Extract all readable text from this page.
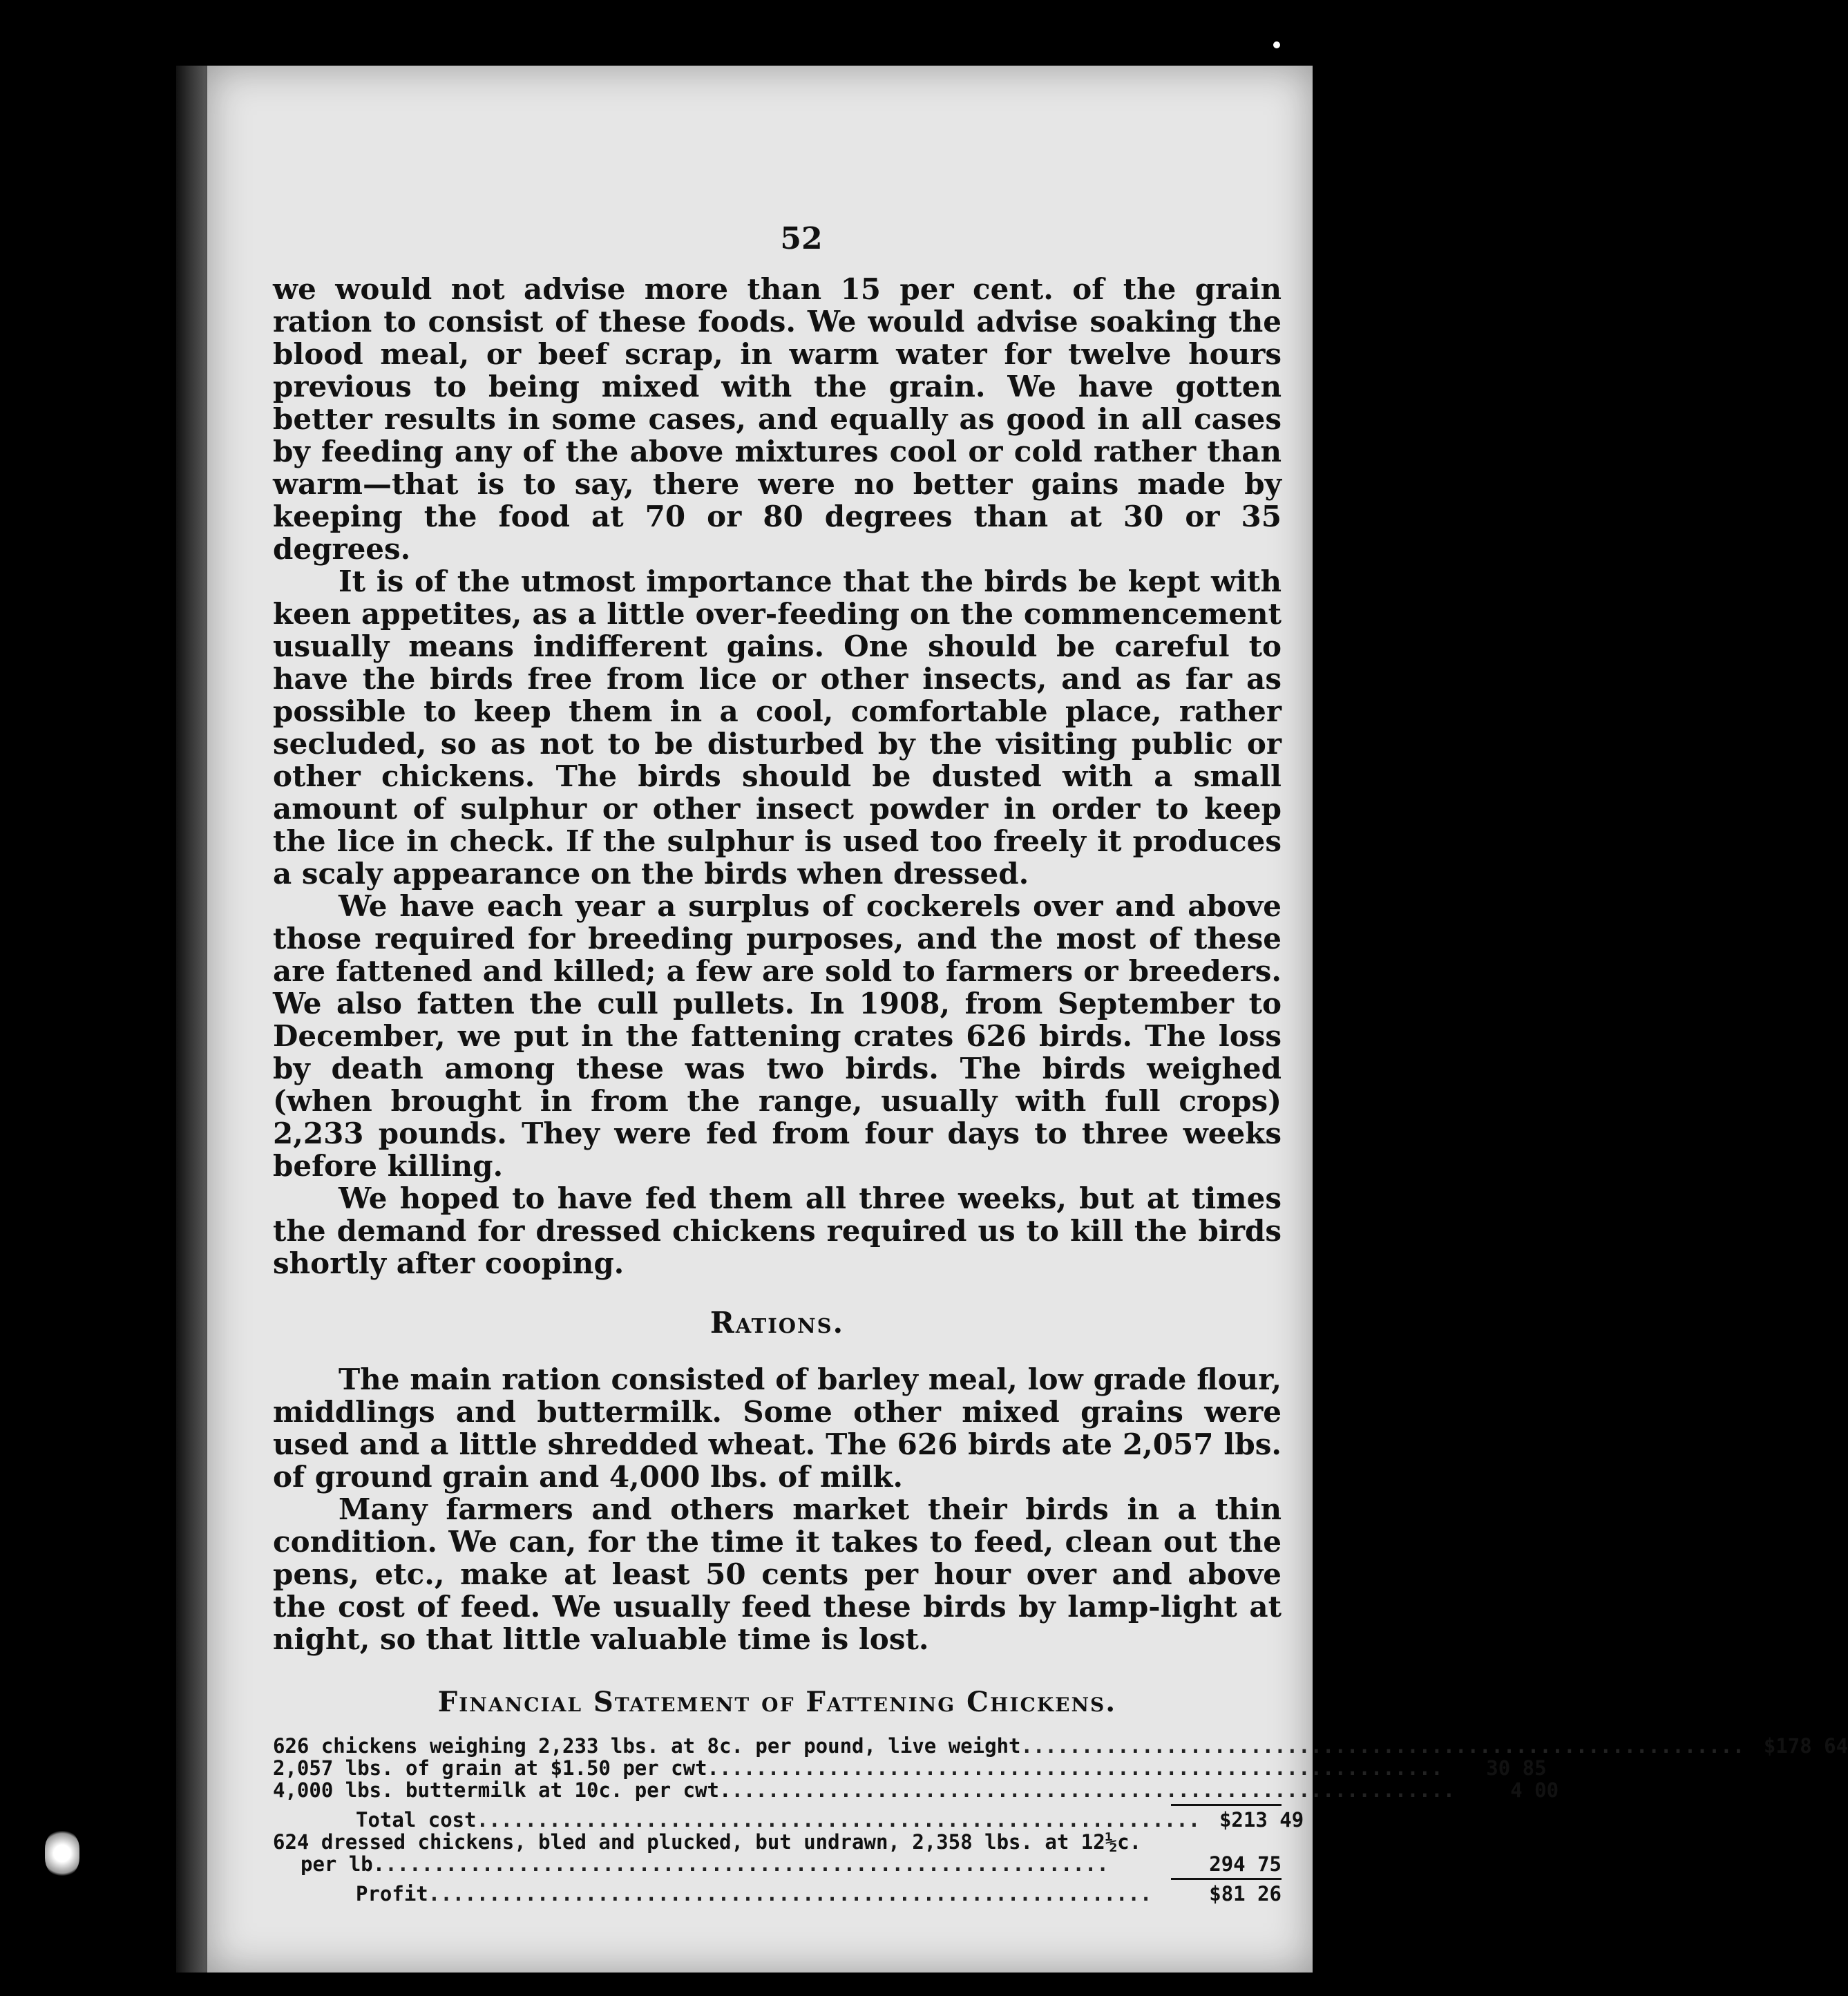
52

we would not advise more than 15 per cent. of the grain ration to consist of these foods. We would advise soaking the blood meal, or beef scrap, in warm water for twelve hours previous to being mixed with the grain. We have gotten better results in some cases, and equally as good in all cases by feeding any of the above mixtures cool or cold rather than warm—that is to say, there were no better gains made by keeping the food at 70 or 80 degrees than at 30 or 35 degrees.

It is of the utmost importance that the birds be kept with keen appetites, as a little over-feeding on the commencement usually means indifferent gains. One should be careful to have the birds free from lice or other insects, and as far as possible to keep them in a cool, comfortable place, rather secluded, so as not to be disturbed by the visiting public or other chickens. The birds should be dusted with a small amount of sulphur or other insect powder in order to keep the lice in check. If the sulphur is used too freely it produces a scaly appearance on the birds when dressed.

We have each year a surplus of cockerels over and above those required for breeding purposes, and the most of these are fattened and killed; a few are sold to farmers or breeders. We also fatten the cull pullets. In 1908, from September to December, we put in the fattening crates 626 birds. The loss by death among these was two birds. The birds weighed (when brought in from the range, usually with full crops) 2,233 pounds. They were fed from four days to three weeks before killing.

We hoped to have fed them all three weeks, but at times the demand for dressed chickens required us to kill the birds shortly after cooping.

Rations.

The main ration consisted of barley meal, low grade flour, middlings and buttermilk. Some other mixed grains were used and a little shredded wheat. The 626 birds ate 2,057 lbs. of ground grain and 4,000 lbs. of milk.

Many farmers and others market their birds in a thin condition. We can, for the time it takes to feed, clean out the pens, etc., make at least 50 cents per hour over and above the cost of feed. We usually feed these birds by lamp-light at night, so that little valuable time is lost.

Financial Statement of Fattening Chickens.
626 chickens weighing 2,233 lbs. at 8c. per pound, live weight ............................................................ $178 64
2,057 lbs. of grain at $1.50 per cwt. ............................................................	30 85
4,000 lbs. buttermilk at 10c. per cwt. ............................................................	4 00
Total cost ............................................................ $213 49
624 dressed chickens, bled and plucked, but undrawn, 2,358 lbs. at 12½c.
per lb. ............................................................	294 75
Profit ............................................................	$81 26
